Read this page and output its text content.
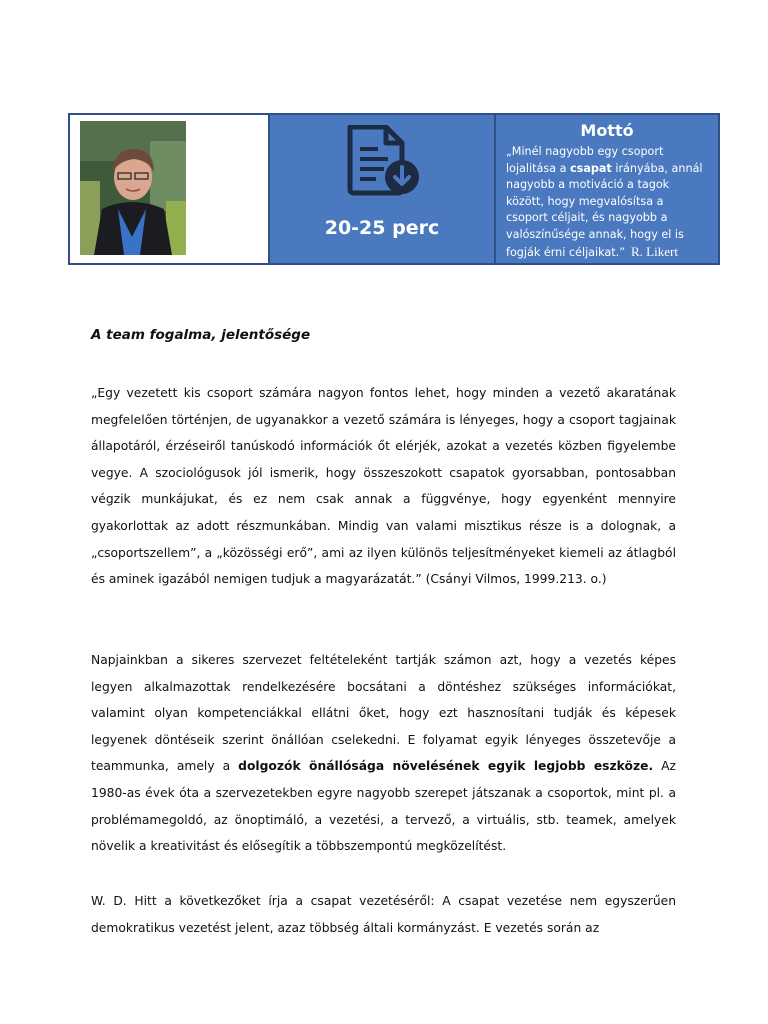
20-25 perc
Mottó
„Minél nagyobb egy csoport lojalitása a csapat irányába, annál nagyobb a motiváció a tagok között, hogy megvalósítsa a csoport céljait, és nagyobb a valószínűsége annak, hogy el is fogják érni céljaikat.” R. Likert
A team fogalma, jelentősége

„Egy vezetett kis csoport számára nagyon fontos lehet, hogy minden a vezető akaratának megfelelően történjen, de ugyanakkor a vezető számára is lényeges, hogy a csoport tagjainak állapotáról, érzéseiről tanúskodó információk őt elérjék, azokat a vezetés közben figyelembe vegye. A szociológusok jól ismerik, hogy összeszokott csapatok gyorsabban, pontosabban végzik munkájukat, és ez nem csak annak a függvénye, hogy egyenként mennyire gyakorlottak az adott részmunkában. Mindig van valami misztikus része is a dolognak, a „csoportszellem”, a „közösségi erő”, ami az ilyen különös teljesítményeket kiemeli az átlagból és aminek igazából nemigen tudjuk a magyarázatát.” (Csányi Vilmos, 1999.213. o.)

Napjainkban a sikeres szervezet feltételeként tartják számon azt, hogy a vezetés képes legyen alkalmazottak rendelkezésére bocsátani a döntéshez szükséges információkat, valamint olyan kompetenciákkal ellátni őket, hogy ezt hasznosítani tudják és képesek legyenek döntéseik szerint önállóan cselekedni. E folyamat egyik lényeges összetevője a teammunka, amely a dolgozók önállósága növelésének egyik legjobb eszköze. Az 1980-as évek óta a szervezetekben egyre nagyobb szerepet játszanak a csoportok, mint pl. a problémamegoldó, az önoptimáló, a vezetési, a tervező, a virtuális, stb. teamek, amelyek növelik a kreativitást és elősegítik a többszempontú megközelítést.

W. D. Hitt a következőket írja a csapat vezetéséről: A csapat vezetése nem egyszerűen demokratikus vezetést jelent, azaz többség általi kormányzást. E vezetés során az
